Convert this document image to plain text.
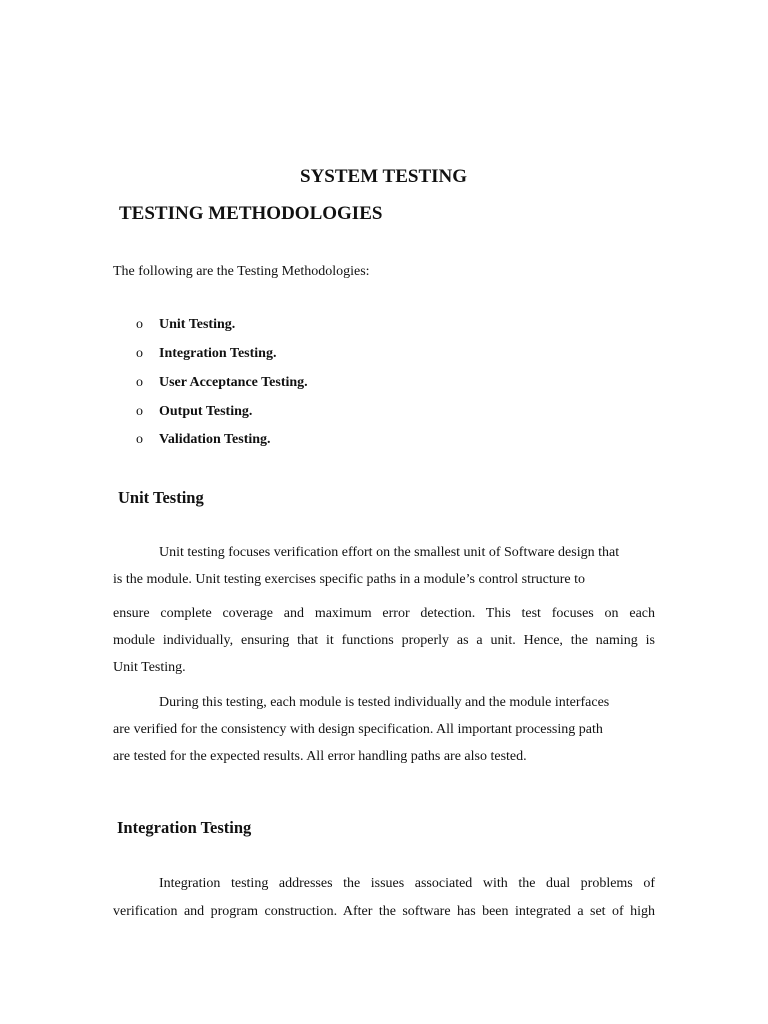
SYSTEM TESTING
TESTING METHODOLOGIES

The following are the Testing Methodologies:

o Unit Testing.
o Integration Testing.
o User Acceptance Testing.
o Output Testing.
o Validation Testing.
Unit Testing

Unit testing focuses verification effort on the smallest unit of Software design that

is the module. Unit testing exercises specific paths in a module’s control structure to

ensure complete coverage and maximum error detection. This test focuses on each

module individually, ensuring that it functions properly as a unit. Hence, the naming is

Unit Testing.

During this testing, each module is tested individually and the module interfaces

are verified for the consistency with design specification. All important processing path

are tested for the expected results. All error handling paths are also tested.

Integration Testing

Integration testing addresses the issues associated with the dual problems of

verification and program construction. After the software has been integrated a set of high
